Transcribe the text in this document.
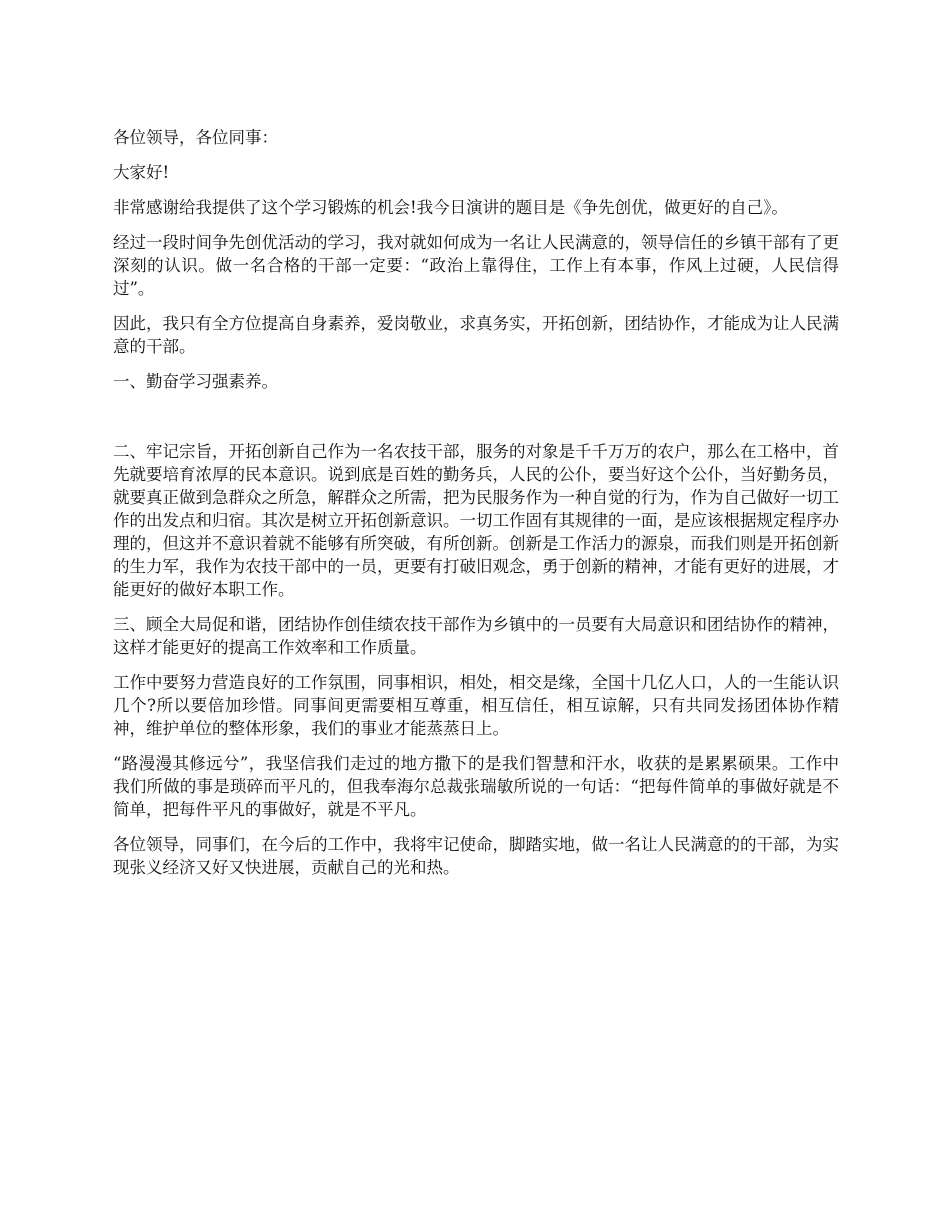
各位领导，各位同事：

大家好!

非常感谢给我提供了这个学习锻炼的机会!我今日演讲的题目是《争先创优，做更好的自己》。

经过一段时间争先创优活动的学习，我对就如何成为一名让人民满意的，领导信任的乡镇干部有了更深刻的认识。做一名合格的干部一定要：“政治上靠得住，工作上有本事，作风上过硬，人民信得过”。

因此，我只有全方位提高自身素养，爱岗敬业，求真务实，开拓创新，团结协作，才能成为让人民满意的干部。

一、勤奋学习强素养。

二、牢记宗旨，开拓创新自己作为一名农技干部，服务的对象是千千万万的农户，那么在工格中，首先就要培育浓厚的民本意识。说到底是百姓的勤务兵，人民的公仆，要当好这个公仆，当好勤务员，就要真正做到急群众之所急，解群众之所需，把为民服务作为一种自觉的行为，作为自己做好一切工作的出发点和归宿。其次是树立开拓创新意识。一切工作固有其规律的一面，是应该根据规定程序办理的，但这并不意识着就不能够有所突破，有所创新。创新是工作活力的源泉，而我们则是开拓创新的生力军，我作为农技干部中的一员，更要有打破旧观念，勇于创新的精神，才能有更好的进展，才能更好的做好本职工作。

三、顾全大局促和谐，团结协作创佳绩农技干部作为乡镇中的一员要有大局意识和团结协作的精神，这样才能更好的提高工作效率和工作质量。

工作中要努力营造良好的工作氛围，同事相识，相处，相交是缘，全国十几亿人口，人的一生能认识几个?所以要倍加珍惜。同事间更需要相互尊重，相互信任，相互谅解，只有共同发扬团体协作精神，维护单位的整体形象，我们的事业才能蒸蒸日上。

“路漫漫其修远兮”，我坚信我们走过的地方撒下的是我们智慧和汗水，收获的是累累硕果。工作中我们所做的事是琐碎而平凡的，但我奉海尔总裁张瑞敏所说的一句话：“把每件简单的事做好就是不简单，把每件平凡的事做好，就是不平凡。

各位领导，同事们，在今后的工作中，我将牢记使命，脚踏实地，做一名让人民满意的的干部，为实现张义经济又好又快进展，贡献自己的光和热。
